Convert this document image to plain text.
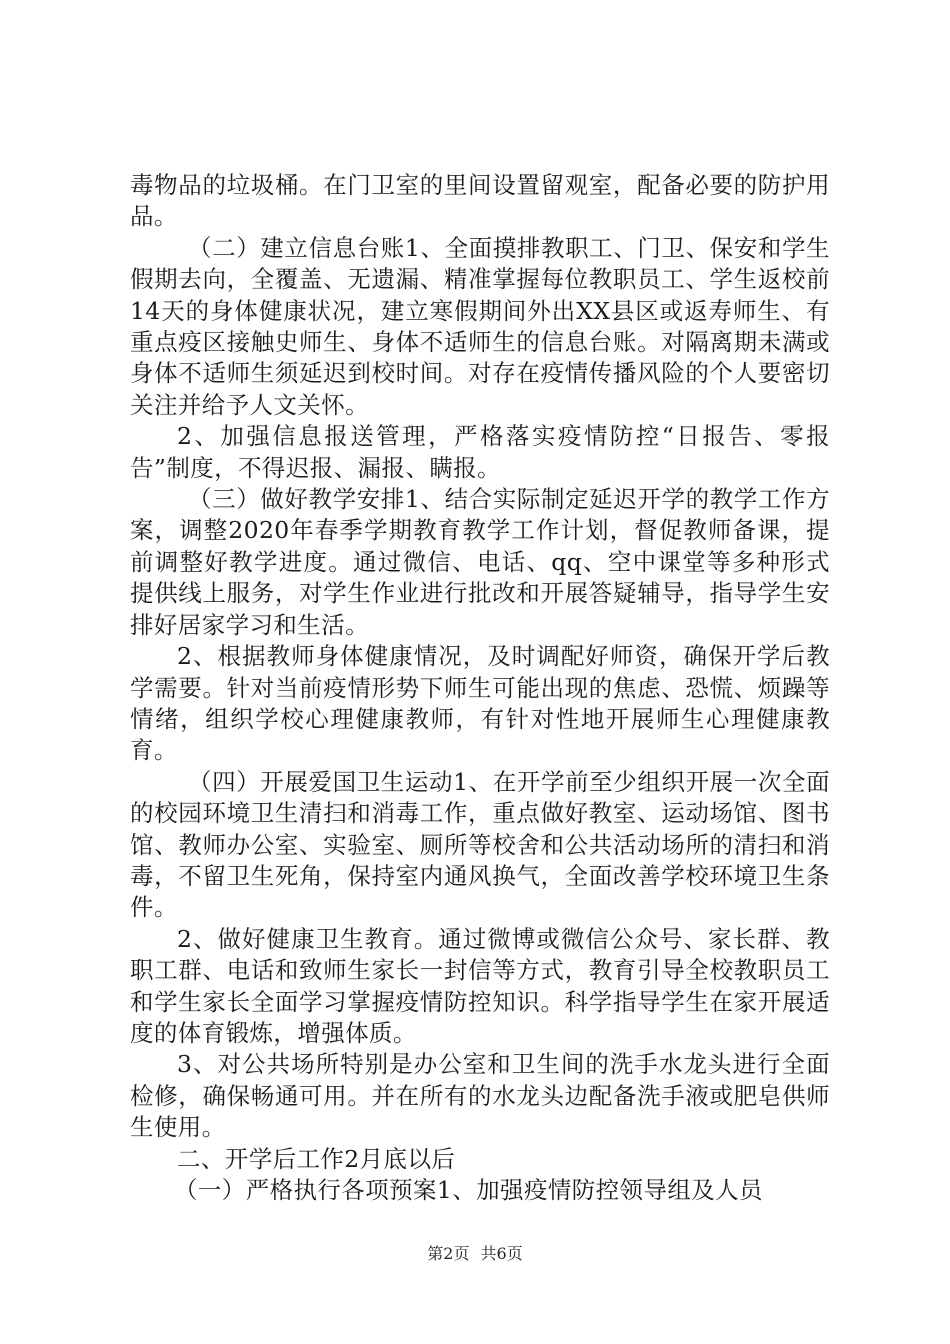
毒物品的垃圾桶。在门卫室的里间设置留观室，配备必要的防护用品。

（二）建立信息台账1、全面摸排教职工、门卫、保安和学生假期去向，全覆盖、无遗漏、精准掌握每位教职员工、学生返校前14天的身体健康状况，建立寒假期间外出XX县区或返寿师生、有重点疫区接触史师生、身体不适师生的信息台账。对隔离期未满或身体不适师生须延迟到校时间。对存在疫情传播风险的个人要密切关注并给予人文关怀。

2、加强信息报送管理，严格落实疫情防控“日报告、零报告”制度，不得迟报、漏报、瞒报。

（三）做好教学安排1、结合实际制定延迟开学的教学工作方案，调整2020年春季学期教育教学工作计划，督促教师备课，提前调整好教学进度。通过微信、电话、qq、空中课堂等多种形式提供线上服务，对学生作业进行批改和开展答疑辅导，指导学生安排好居家学习和生活。

2、根据教师身体健康情况，及时调配好师资，确保开学后教学需要。针对当前疫情形势下师生可能出现的焦虑、恐慌、烦躁等情绪，组织学校心理健康教师，有针对性地开展师生心理健康教育。

（四）开展爱国卫生运动1、在开学前至少组织开展一次全面的校园环境卫生清扫和消毒工作，重点做好教室、运动场馆、图书馆、教师办公室、实验室、厕所等校舍和公共活动场所的清扫和消毒，不留卫生死角，保持室内通风换气，全面改善学校环境卫生条件。

2、做好健康卫生教育。通过微博或微信公众号、家长群、教职工群、电话和致师生家长一封信等方式，教育引导全校教职员工和学生家长全面学习掌握疫情防控知识。科学指导学生在家开展适度的体育锻炼，增强体质。

3、对公共场所特别是办公室和卫生间的洗手水龙头进行全面检修，确保畅通可用。并在所有的水龙头边配备洗手液或肥皂供师生使用。

二、开学后工作2月底以后

（一）严格执行各项预案1、加强疫情防控领导组及人员

第2页 共6页
